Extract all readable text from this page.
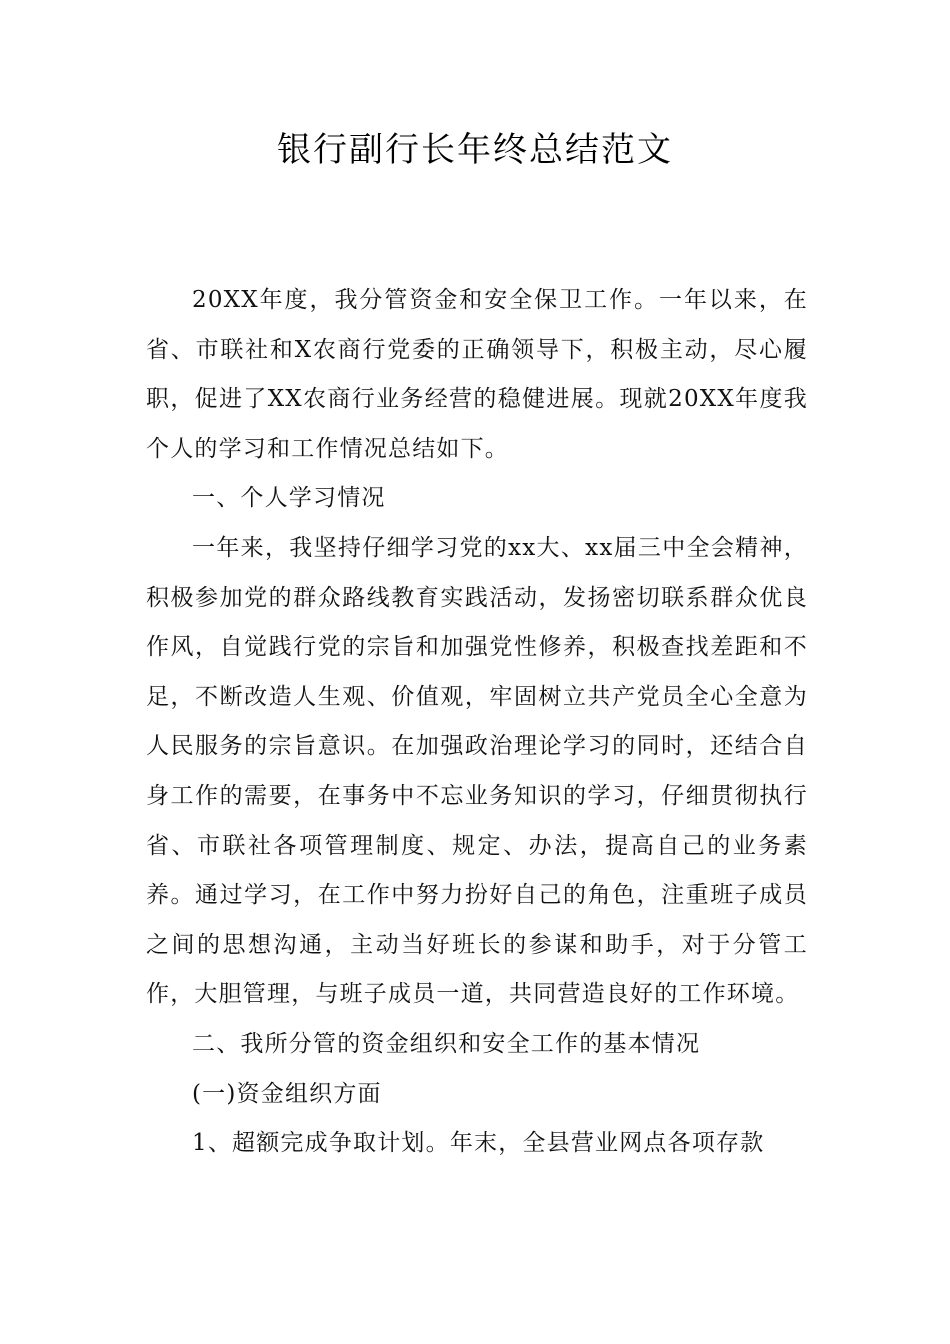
银行副行长年终总结范文

20XX年度，我分管资金和安全保卫工作。一年以来，在省、市联社和X农商行党委的正确领导下，积极主动，尽心履职，促进了XX农商行业务经营的稳健进展。现就20XX年度我个人的学习和工作情况总结如下。

一、个人学习情况

一年来，我坚持仔细学习党的xx大、xx届三中全会精神，积极参加党的群众路线教育实践活动，发扬密切联系群众优良作风，自觉践行党的宗旨和加强党性修养，积极查找差距和不足，不断改造人生观、价值观，牢固树立共产党员全心全意为人民服务的宗旨意识。在加强政治理论学习的同时，还结合自身工作的需要，在事务中不忘业务知识的学习，仔细贯彻执行省、市联社各项管理制度、规定、办法，提高自己的业务素养。通过学习，在工作中努力扮好自己的角色，注重班子成员之间的思想沟通，主动当好班长的参谋和助手，对于分管工作，大胆管理，与班子成员一道，共同营造良好的工作环境。

二、我所分管的资金组织和安全工作的基本情况

(一)资金组织方面

1、超额完成争取计划。年末，全县营业网点各项存款
